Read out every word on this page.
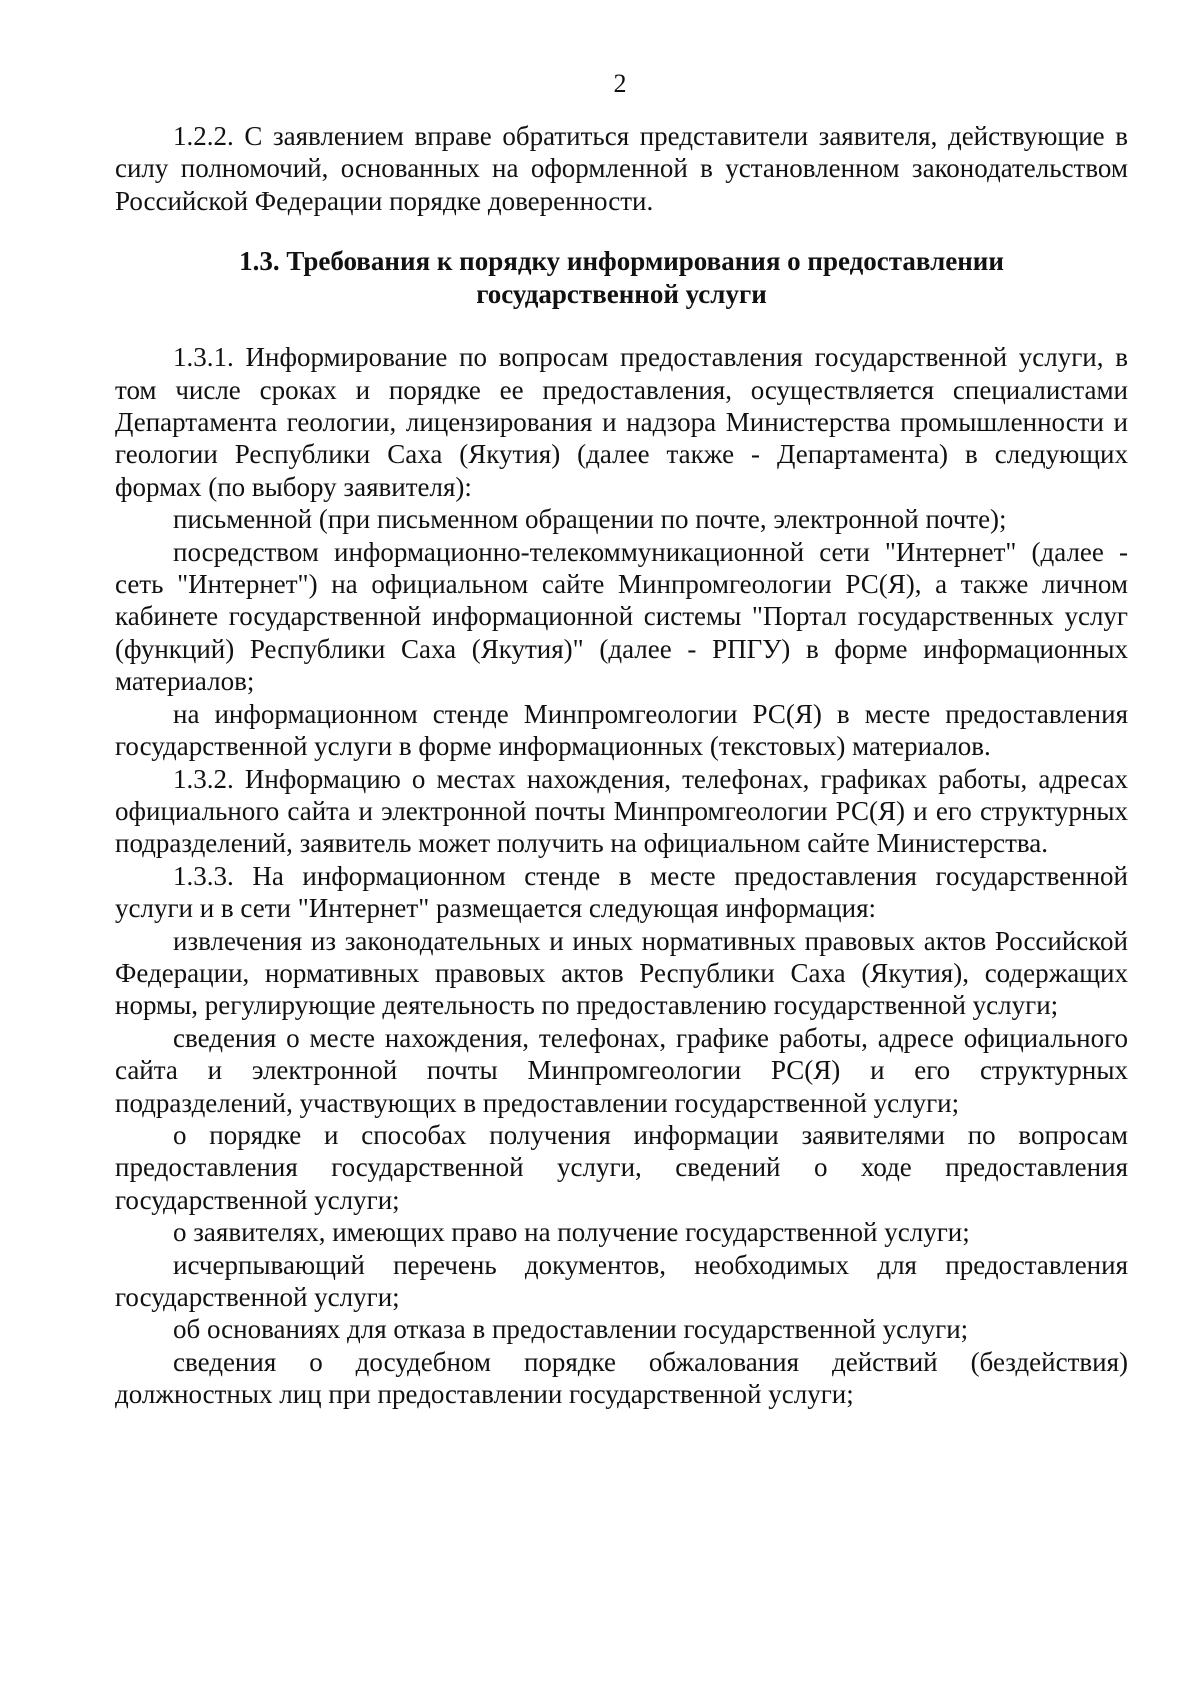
2

1.2.2. С заявлением вправе обратиться представители заявителя, действующие в силу полномочий, основанных на оформленной в установленном законодательством Российской Федерации порядке доверенности.

1.3. Требования к порядку информирования о предоставлении
государственной услуги

1.3.1. Информирование по вопросам предоставления государственной услуги, в том числе сроках и порядке ее предоставления, осуществляется специалистами Департамента геологии, лицензирования и надзора Министерства промышленности и геологии Республики Саха (Якутия) (далее также - Департамента) в следующих формах (по выбору заявителя):

письменной (при письменном обращении по почте, электронной почте);

посредством информационно-телекоммуникационной сети "Интернет" (далее - сеть "Интернет") на официальном сайте Минпромгеологии РС(Я), а также личном кабинете государственной информационной системы "Портал государственных услуг (функций) Республики Саха (Якутия)" (далее - РПГУ) в форме информационных материалов;

на информационном стенде Минпромгеологии РС(Я) в месте предоставления государственной услуги в форме информационных (текстовых) материалов.

1.3.2. Информацию о местах нахождения, телефонах, графиках работы, адресах официального сайта и электронной почты Минпромгеологии РС(Я) и его структурных подразделений, заявитель может получить на официальном сайте Министерства.

1.3.3. На информационном стенде в месте предоставления государственной услуги и в сети "Интернет" размещается следующая информация:

извлечения из законодательных и иных нормативных правовых актов Российской Федерации, нормативных правовых актов Республики Саха (Якутия), содержащих нормы, регулирующие деятельность по предоставлению государственной услуги;

сведения о месте нахождения, телефонах, графике работы, адресе официального сайта и электронной почты Минпромгеологии РС(Я) и его структурных подразделений, участвующих в предоставлении государственной услуги;

о порядке и способах получения информации заявителями по вопросам предоставления государственной услуги, сведений о ходе предоставления государственной услуги;

о заявителях, имеющих право на получение государственной услуги;

исчерпывающий перечень документов, необходимых для предоставления государственной услуги;

об основаниях для отказа в предоставлении государственной услуги;

сведения о досудебном порядке обжалования действий (бездействия) должностных лиц при предоставлении государственной услуги;
